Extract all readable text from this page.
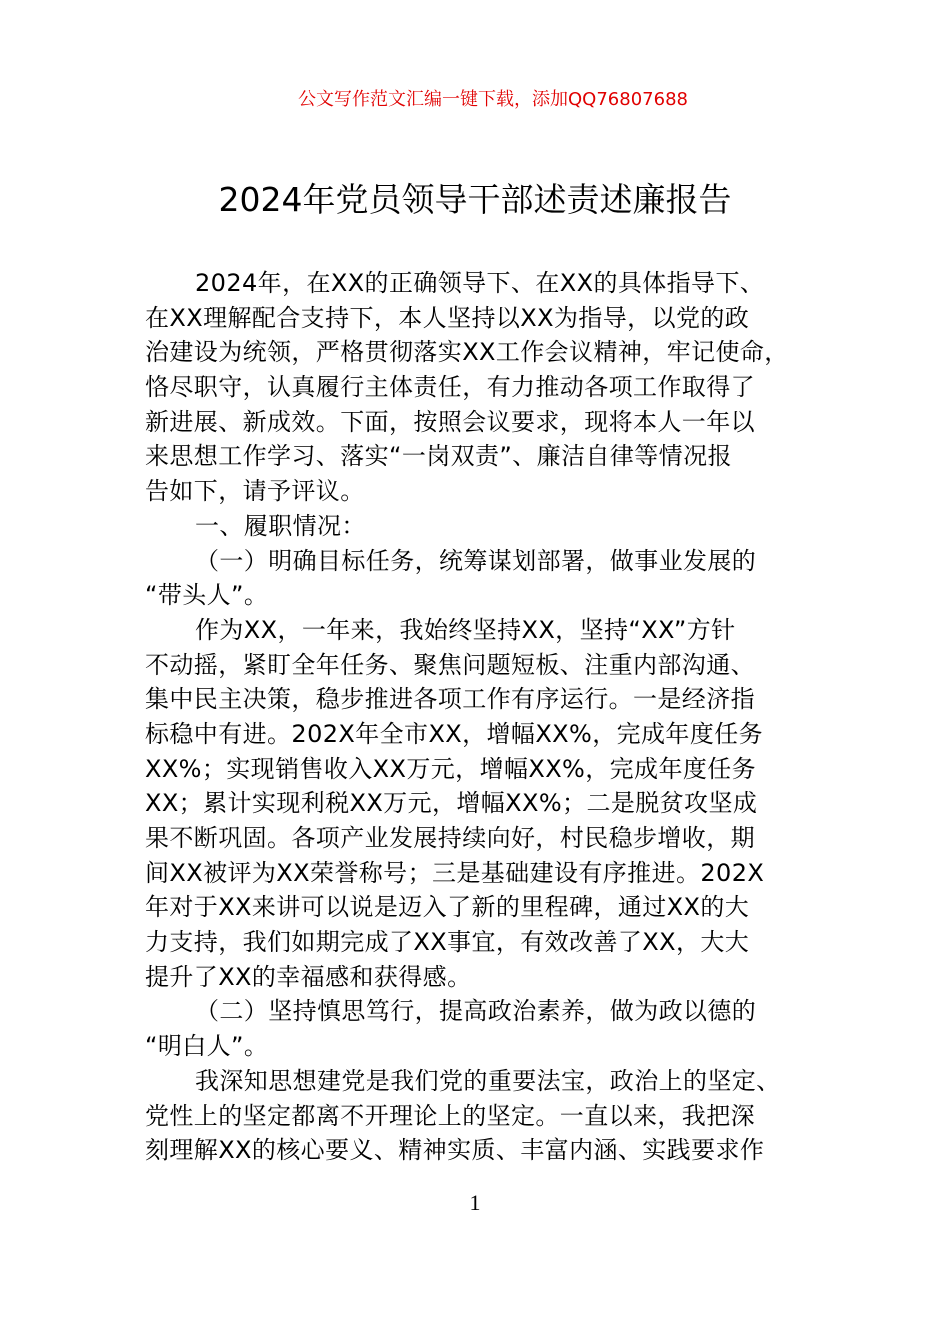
公文写作范文汇编一键下载，添加QQ76807688
2024年党员领导干部述责述廉报告
2024年，在XX的正确领导下、在XX的具体指导下、
在XX理解配合支持下，本人坚持以XX为指导，以党的政
治建设为统领，严格贯彻落实XX工作会议精神，牢记使命，
恪尽职守，认真履行主体责任，有力推动各项工作取得了
新进展、新成效。下面，按照会议要求，现将本人一年以
来思想工作学习、落实“一岗双责”、廉洁自律等情况报
告如下，请予评议。
一、履职情况：
（一）明确目标任务，统筹谋划部署，做事业发展的
“带头人”。
作为XX，一年来，我始终坚持XX，坚持“XX”方针
不动摇，紧盯全年任务、聚焦问题短板、注重内部沟通、
集中民主决策，稳步推进各项工作有序运行。一是经济指
标稳中有进。202X年全市XX，增幅XX%，完成年度任务
XX%；实现销售收入XX万元，增幅XX%，完成年度任务
XX；累计实现利税XX万元，增幅XX%；二是脱贫攻坚成
果不断巩固。各项产业发展持续向好，村民稳步增收，期
间XX被评为XX荣誉称号；三是基础建设有序推进。202X
年对于XX来讲可以说是迈入了新的里程碑，通过XX的大
力支持，我们如期完成了XX事宜，有效改善了XX，大大
提升了XX的幸福感和获得感。
（二）坚持慎思笃行，提高政治素养，做为政以德的
“明白人”。
我深知思想建党是我们党的重要法宝，政治上的坚定、
党性上的坚定都离不开理论上的坚定。一直以来，我把深
刻理解XX的核心要义、精神实质、丰富内涵、实践要求作
1
